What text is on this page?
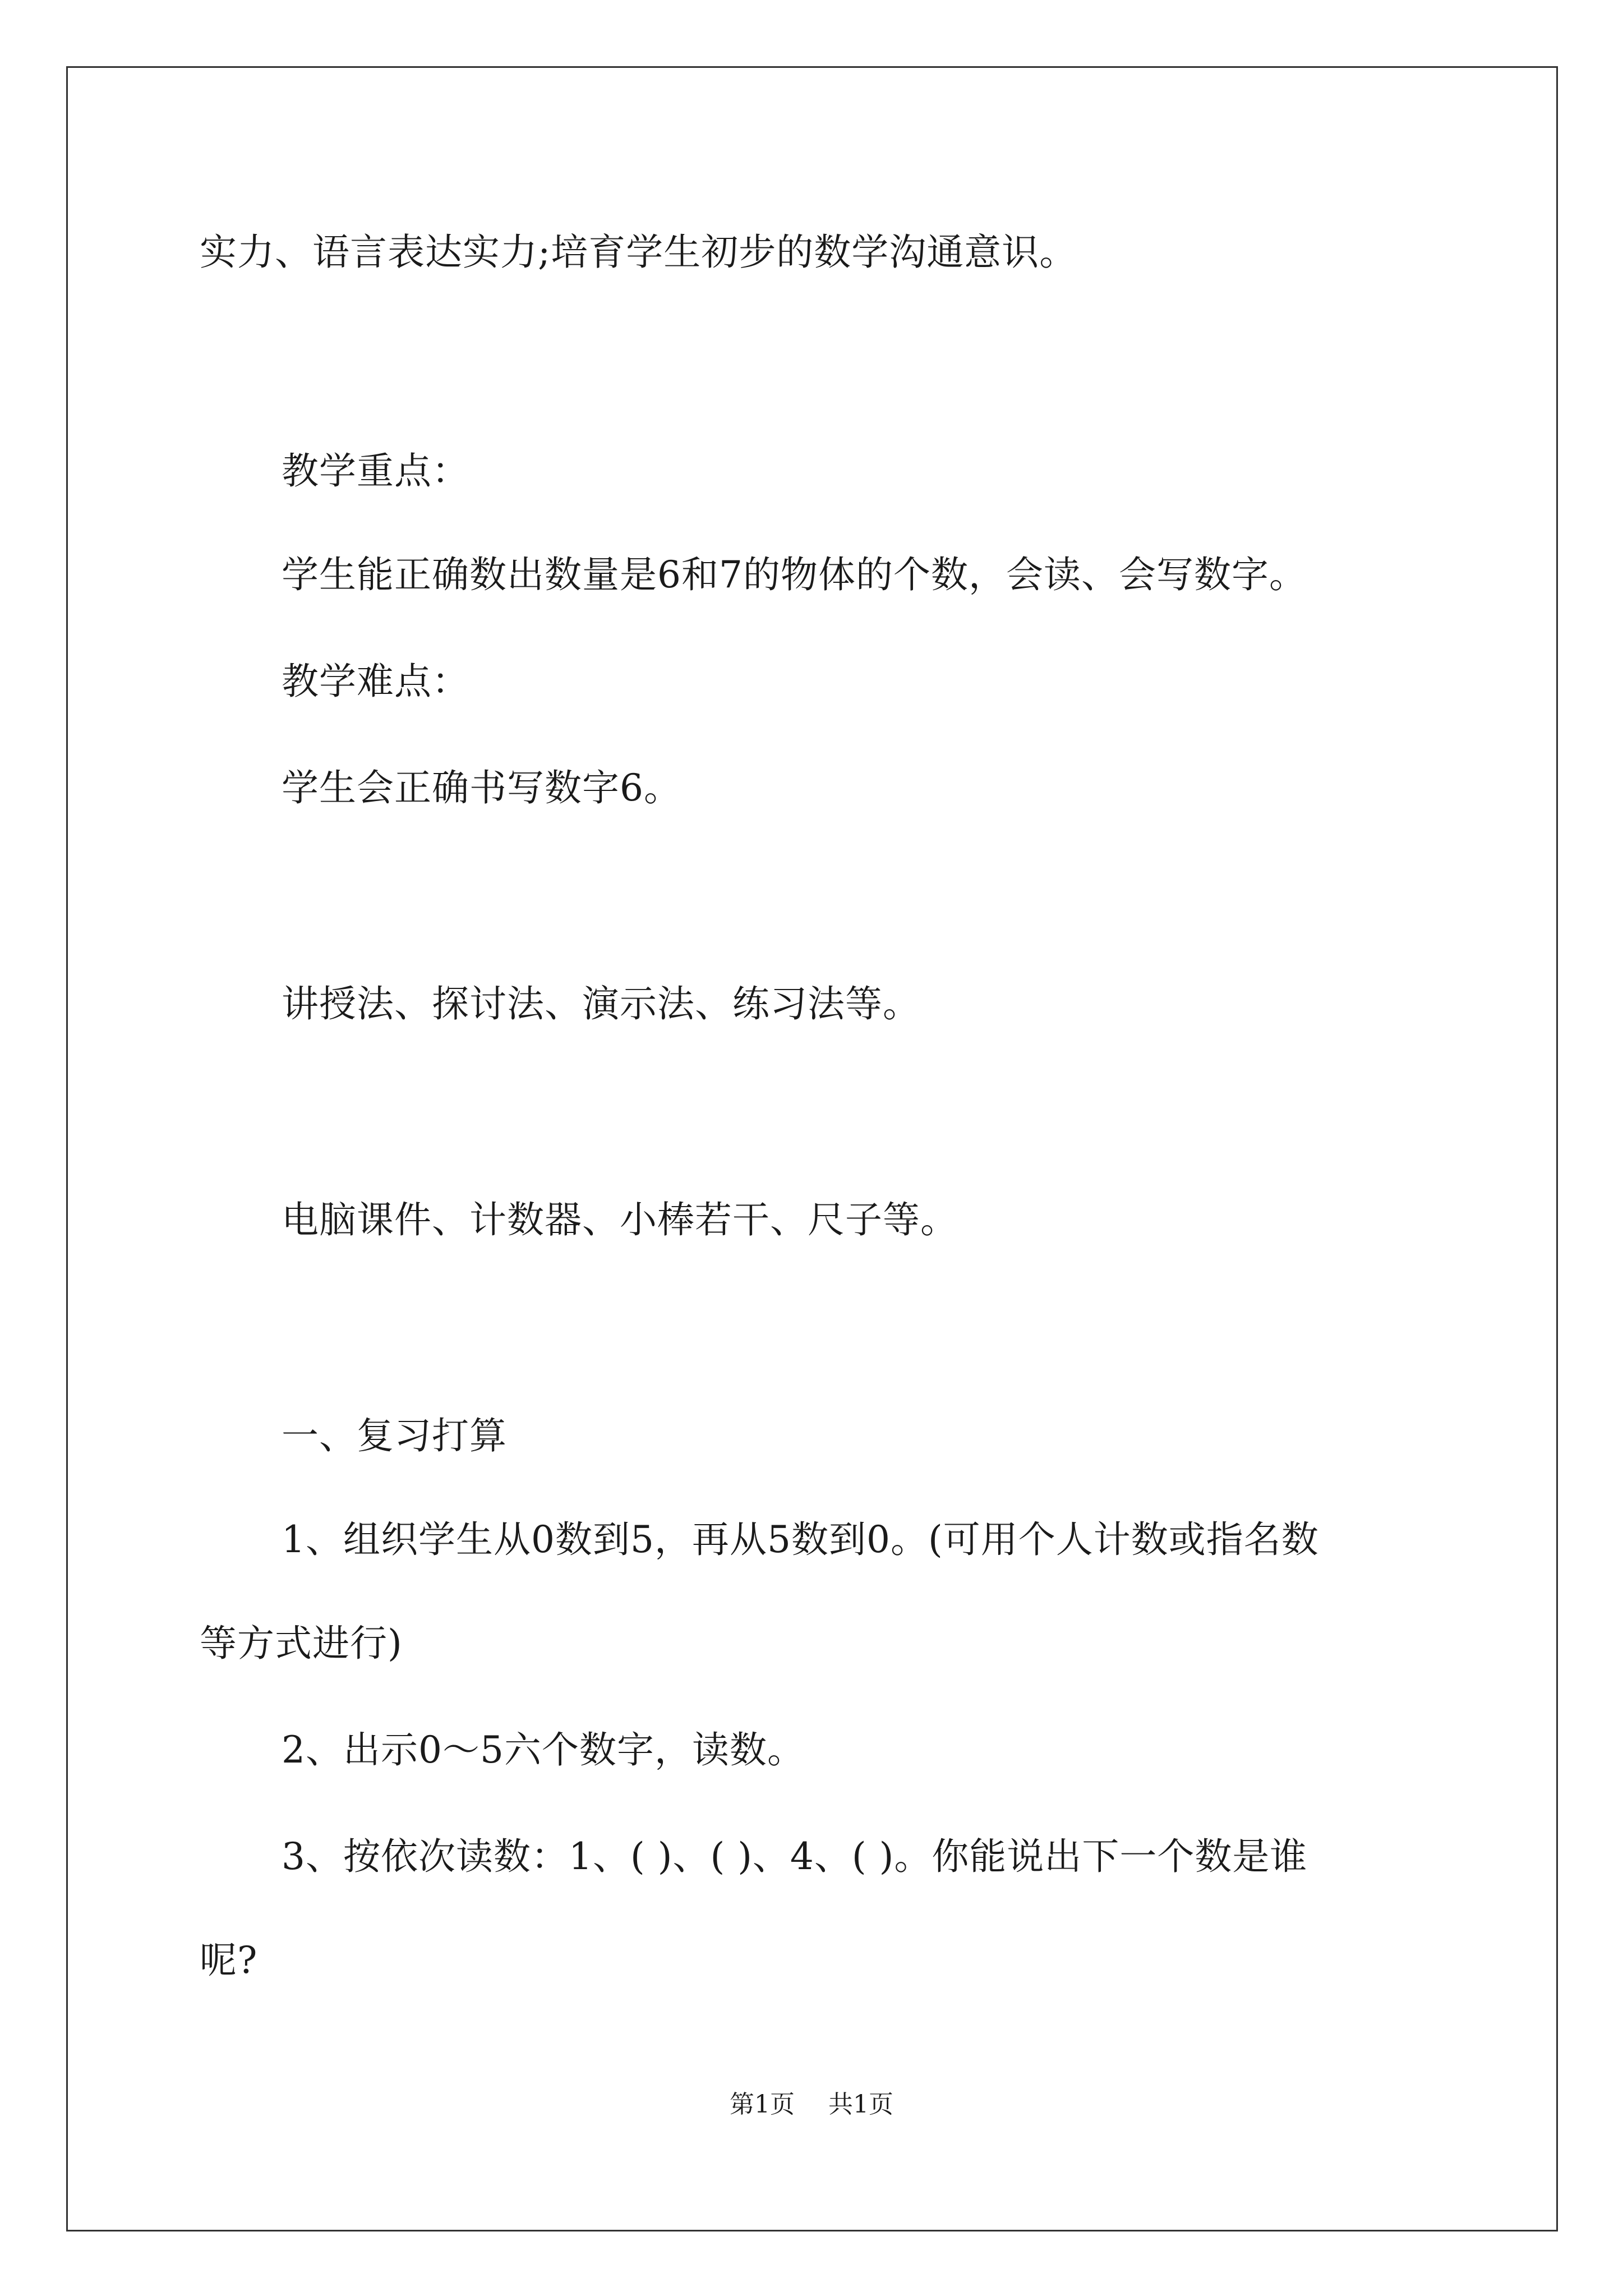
实力、语言表达实力;培育学生初步的数学沟通意识。
教学重点：
学生能正确数出数量是6和7的物体的个数，会读、会写数字。
教学难点：
学生会正确书写数字6。
讲授法、探讨法、演示法、练习法等。
电脑课件、计数器、小棒若干、尺子等。
一、复习打算
1、组织学生从0数到5，再从5数到0。(可用个人计数或指名数
等方式进行)
2、出示0～5六个数字，读数。
3、按依次读数：1、( )、( )、4、( )。你能说出下一个数是谁
呢?
第1页 共1页
